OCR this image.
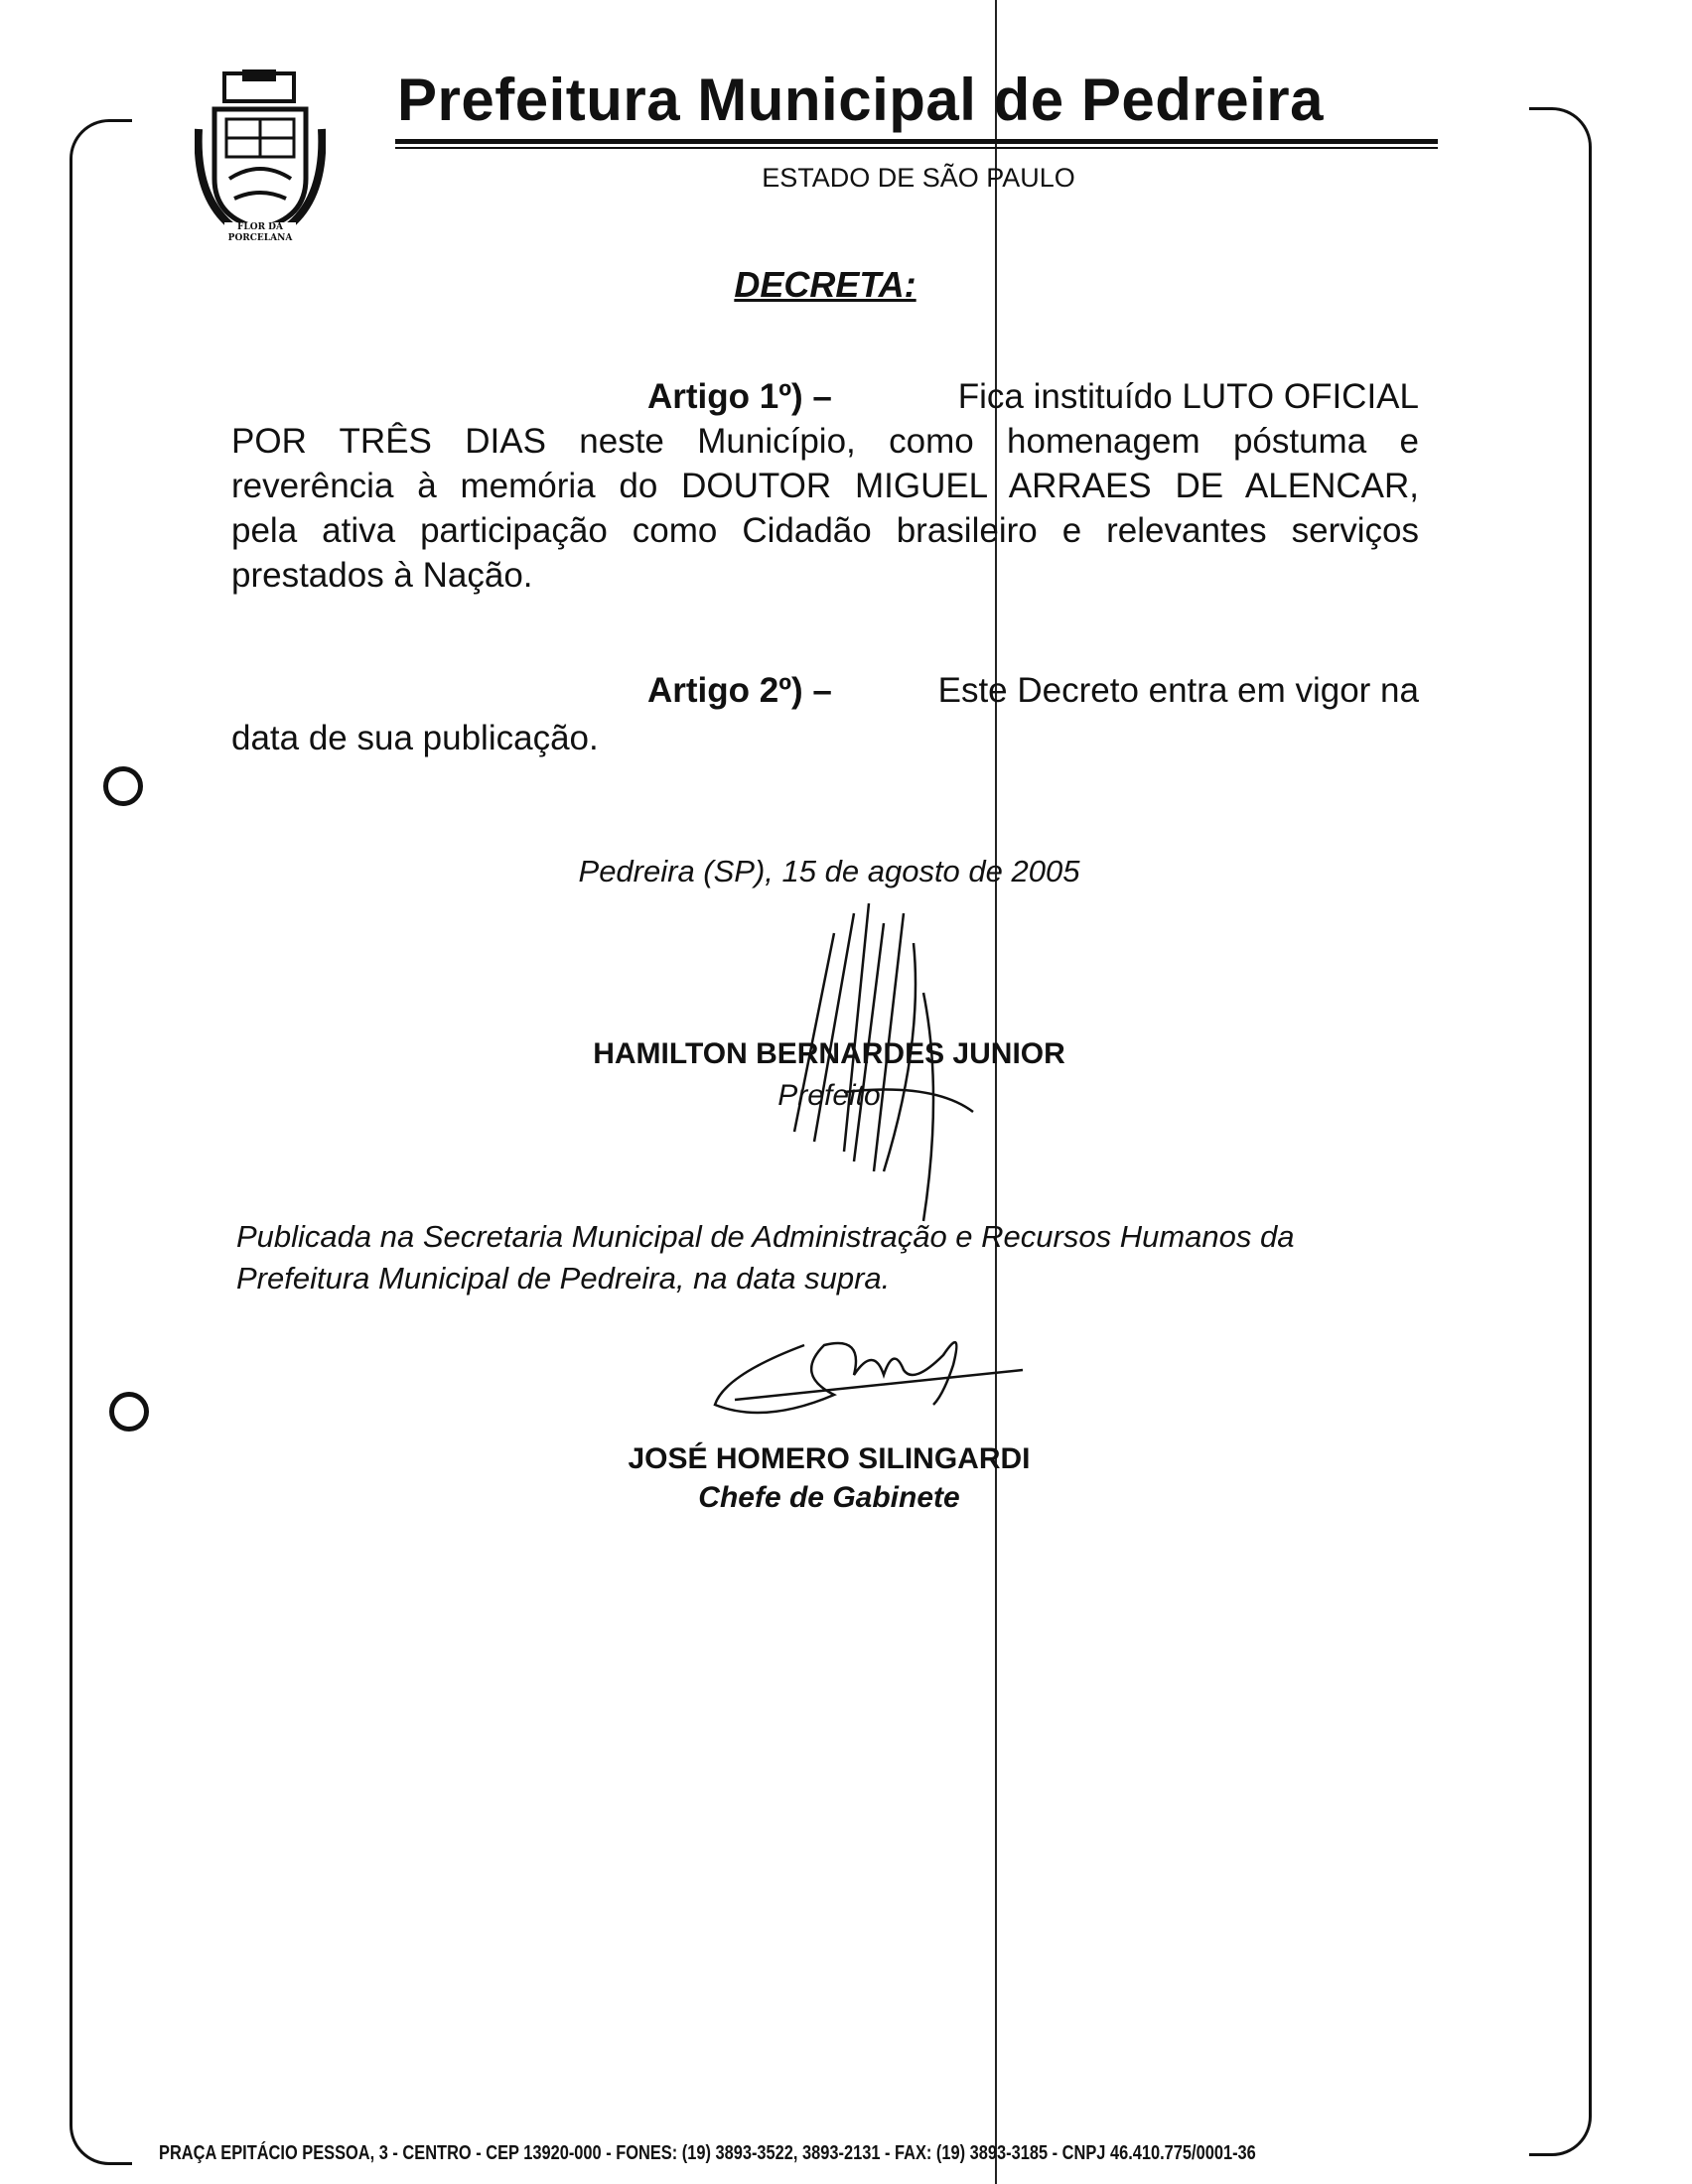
FLOR DA PORCELANA
Prefeitura Municipal de Pedreira
ESTADO DE SÃO PAULO
DECRETA:
Artigo 1º) –	Fica instituído LUTO OFICIAL
POR TRÊS DIAS neste Município, como homenagem póstuma e
reverência à memória do DOUTOR MIGUEL ARRAES DE ALENCAR,
pela ativa participação como Cidadão brasileiro e relevantes serviços
prestados à Nação.
Artigo 2º) –	Este Decreto entra em vigor na
data de sua publicação.
Pedreira (SP), 15 de agosto de 2005
HAMILTON BERNARDES JUNIOR
Prefeito
Publicada na Secretaria Municipal de Administração e Recursos Humanos da
Prefeitura Municipal de Pedreira, na data supra.
JOSÉ HOMERO SILINGARDI
Chefe de Gabinete
PRAÇA EPITÁCIO PESSOA, 3 - CENTRO - CEP 13920-000 - FONES: (19) 3893-3522, 3893-2131 - FAX: (19) 3893-3185 - CNPJ 46.410.775/0001-36
